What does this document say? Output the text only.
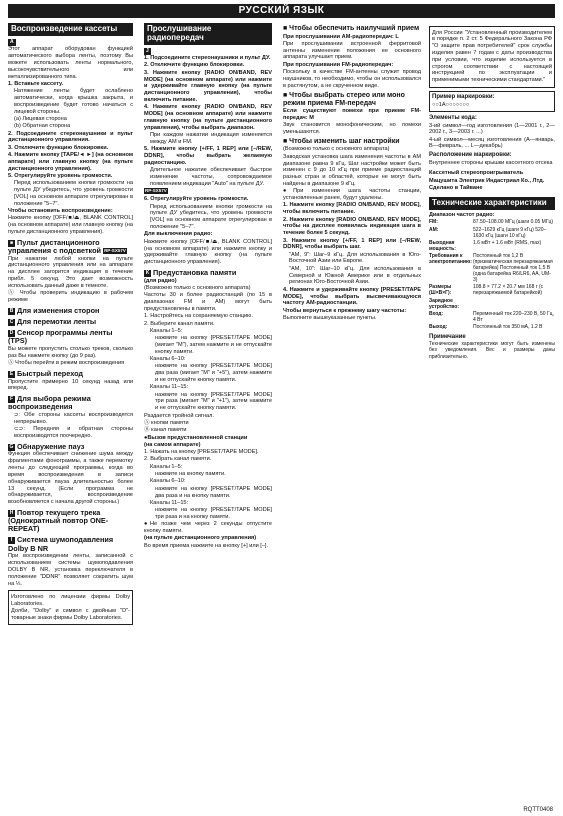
РУССКИЙ ЯЗЫК
Воспроизведение кассеты
A

Этот аппарат оборудован функцией автоматического выбора ленты, поэтому Вы можете использовать ленты нормального, высокочувствительного или металлизированного типа.

1. Вставьте кассету.

Натяжение ленты будет ослаблено автоматически, когда крышка закрыта, и воспроизведение будет готово начаться с лицевой стороны.

(а) Лицевая сторона

(b) Обратная сторона

2. Подсоедините стереонаушники и пульт дистанционного управления.

3. Отключите функцию блокировки.

4. Нажмите кнопку [TAPE/◄ ►] (на основном аппарате) или главную кнопку (на пульте дистанционного управления).

5. Отрегулируйте уровень громкости.

Перед использованием кнопки громкости на пульте ДУ убедитесь, что уровень громкости [VOL] на основном аппарате отрегулирован в положение "5–7".

Чтобы остановить воспроизведение:

Нажмите кнопку [OFF/■/⏏, BLANK CONTROL] (на основном аппарате) или главную кнопку (на пульте дистанционного управления).

■ Пульт дистанционного управления с подсветкой RP-SX57V

При нажатии любой кнопки на пульте дистанционного управления или на аппарате на дисплее загорится индикация в течение прибл. 5 секунд. Это дает возможность использовать данный даже в темноте.

Ⓐ Чтобы проверить индикацию в рабочем режиме

B Для изменения сторон
C Для перемотки ленты
D Сенсор программы ленты (TPS)

Вы можете пропустить столько треков, сколько раз Вы нажмете кнопку (до 9 раз).

Ⓐ Чтобы перейти в режим воспроизведения

E Быстрый переход

Пропустите примерно 10 секунд назад или вперед.

F Для выбора режима воспроизведения

⊃: Обе стороны кассеты воспроизводятся непрерывно.

⊂⊃: Передняя и обратная стороны воспроизводятся поочередно.

G Обнаружение пауз

Функция обеспечивает снижение шума между фрагментами фонограммы, а также перемотку ленты до следующей программы, когда во время воспроизведения в записи обнаруживается пауза длительностью более 13 секунд. (Если программа не обнаруживается, воспроизведение возобновляется с начала другой стороны.)

H Повтор текущего трека (Однократный повтор ONE-REPEAT)
I Система шумоподавления Dolby B NR

При воспроизведении ленты, записанной с использованием системы шумоподавления DOLBY B NR, установка переключателя в положение "ⅮⅮNR" позволяет сократить шум на ⅓.

Изготовлено по лицензии фирмы Dolby Laboratories.

Долби, "Dolby" и символ с двойным "D"-товарные знаки фирмы Dolby Laboratories.

Прослушивание радиопередач
J

1. Подсоедините стереонаушники и пульт ДУ.

2. Отключите функцию блокировки.

3. Нажмите кнопку [RADIO ON/BAND, REV MODE] (на основном аппарате) или нажмите и удерживайте главную кнопку (на пульте дистанционного управления), чтобы включить питание.

4. Нажмите кнопку [RADIO ON/BAND, REV MODE] (на основном аппарате) или нажмите главную кнопку (на пульте дистанционного управления), чтобы выбрать диапазон.

При каждом нажатии индикация изменяется между АМ и FM.

5. Нажмите кнопку [+/FF, 1 REP] или [–/REW, ⅮⅮNR], чтобы выбрать желаемую радиостанцию.

Длительное нажатие обеспечивает быстрое изменение частоты, сопровождаемое появлением индикации "Auto" на пульте ДУ.

RP-SX57V

6. Отрегулируйте уровень громкости.

Перед использованием кнопки громкости на пульте ДУ убедитесь, что уровень громкости [VOL] на основном аппарате отрегулирован в положение "5–7".

Для выключения радио:

Нажмите кнопку [OFF/■/⏏, BLANK CONTROL] (на основном аппарате) или нажмите кнопку и удерживайте главную кнопку (на пульте дистанционного управления).

K Предустановка памяти

(для радио)

(Возможно только с основного аппарата)

Частоты 30 и более радиостанций (по 15 в диапазонах FM и AM) могут быть предустановлены в памяти.

1. Настройтесь на сохраняемую станцию.

2. Выберите канал памяти.

Каналы 1–5:

нажмите на кнопку [PRESET/TAPE MODE] (мигает "M"), затем нажмите и не отпускайте кнопку памяти.

Каналы 6–10:

нажмите на кнопку [PRESET/TAPE MODE] два раза (мигает "M" и "+5"), затем нажмите и не отпускайте кнопку памяти.

Каналы 11–15:

нажмите на кнопку [PRESET/TAPE MODE] три раза (мигает "M" и "+1"), затем нажмите и не отпускайте кнопку памяти.

Раздается тройной сигнал.

Ⓐ кнопки памяти

Ⓑ канал памяти

●Вызов предустановленной станции

(на самом аппарате)

1. Нажать на кнопку [PRESET/TAPE MODE].

2. Выбрать канал памяти.

Каналы 1–5:

нажмите на кнопку памяти.

Каналы 6–10:

нажмите на кнопку [PRESET/TAPE MODE] два раза и на кнопку памяти.

Каналы 11–15:

нажмите на кнопку [PRESET/TAPE MODE] три раза и на кнопку памяти.

●Не позже чем через 2 секунды отпустите кнопку памяти.

(на пульте дистанционного управления)

Во время приема нажмите на кнопку [+] или [–].

■ Чтобы обеспечить наилучший прием

При прослушивании AM-радиопередач: L

При прослушивании встроенной ферритовой антенны изменение положения ее основного аппарата улучшает прием.

При прослушивании FM-радиопередач:

Поскольку в качестве FM-антенны служит провод наушников, то необходимо, чтобы он использовался в растянутом, а не скрученном виде.

■ Чтобы выбрать стерео или моно режим приема FM-передач

Если существуют помехи при приеме FM-передач: M

Звук становится монофоническим, но помехи уменьшаются.

■ Чтобы изменить шаг настройки

(Возможно только с основного аппарата)

Заводская установка шага изменения частоты в АМ диапазоне равна 9 кГц. Шаг настройки может быть изменен с 9 до 10 кГц при приеме радиостанций разных стран и областей, которые не могут быть найдены в диапазоне 9 кГц.

●При изменении шага частоты станции, установленные ранее, будут удалены.

1. Нажмите кнопку [RADIO ON/BAND, REV MODE], чтобы включить питание.

2. Нажмите кнопку [RADIO ON/BAND, REV MODE], чтобы на дисплее появилась индикация шага в течение более 5 секунд.

3. Нажмите кнопку [+/FF, 1 REP] или [–/REW, ⅮⅮNR], чтобы выбрать шаг.

"AM, 9": Шаг–9 кГц. Для использования в Юго-Восточной Азии или Европе.

"AM, 10": Шаг–10 кГц. Для использования в Северной и Южной Америке или в отдельных регионах Юго-Восточной Азии.

4. Нажмите и удерживайте кнопку [PRESET/TAPE MODE], чтобы выбрать высвечивающуюся частоту AM-радиостанции.

Чтобы вернуться к прежнему шагу частоты:

Выполните вышеуказанные пункты.

Для России "Установленный производителем в порядке п. 2 ст. 5 Федерального Закона РФ "О защите прав потребителей" срок службы изделия равен 7 годам с даты производства при условии, что изделие используется в строгом соответствии с настоящей инструкцией по эксплуатации и применимыми техническими стандартами."

Пример маркировки:

○○1А○○○○○○○

Элементы кода:

3-ий символ—год изготовления (1—2001 г., 2—2002 г., 3—2003 г. ...)

4-ый символ—месяц изготовления (А—январь, В—февраль, ... L—декабрь)

Расположение маркировки:

Внутреннее стороны крышки кассетного отсека

Кассетный стереопроигрыватель

Мацушита Электрик Индастриал Ко., Лтд.

Сделано в Тайване

Технические характеристики
Диапазон частот радио:
FM:	87.50–108.00 МГц (шаги 0.05 МГц)
AM:	522–1629 кГц (шаги 9 кГц) 520–1630 кГц (шаги 10 кГц)
Выходная мощность:
1.6 мВт + 1.6 мВт (RMS, max)
Требования к электропитанию:
Постоянный ток 1,2 В (призматическая перезаряжаемая батарейка) Постоянный ток 1,5 В (одна батарейка R6/LR6, AA, UM-3)
Размеры (Ш×В×Г):
108.8 × 77.2 × 20.7 мм 168 г (с перезаряжаемой батарейкой)
Зарядное устройство:
Вход:	Переменный ток 220–230 В, 50 Гц, 4 Вт
Выход:	Постоянный ток 350 мА, 1.2 В
Примечание

Технические характеристики могут быть изменены без уведомления. Вес и размеры даны приблизительно.

RQTT0408
